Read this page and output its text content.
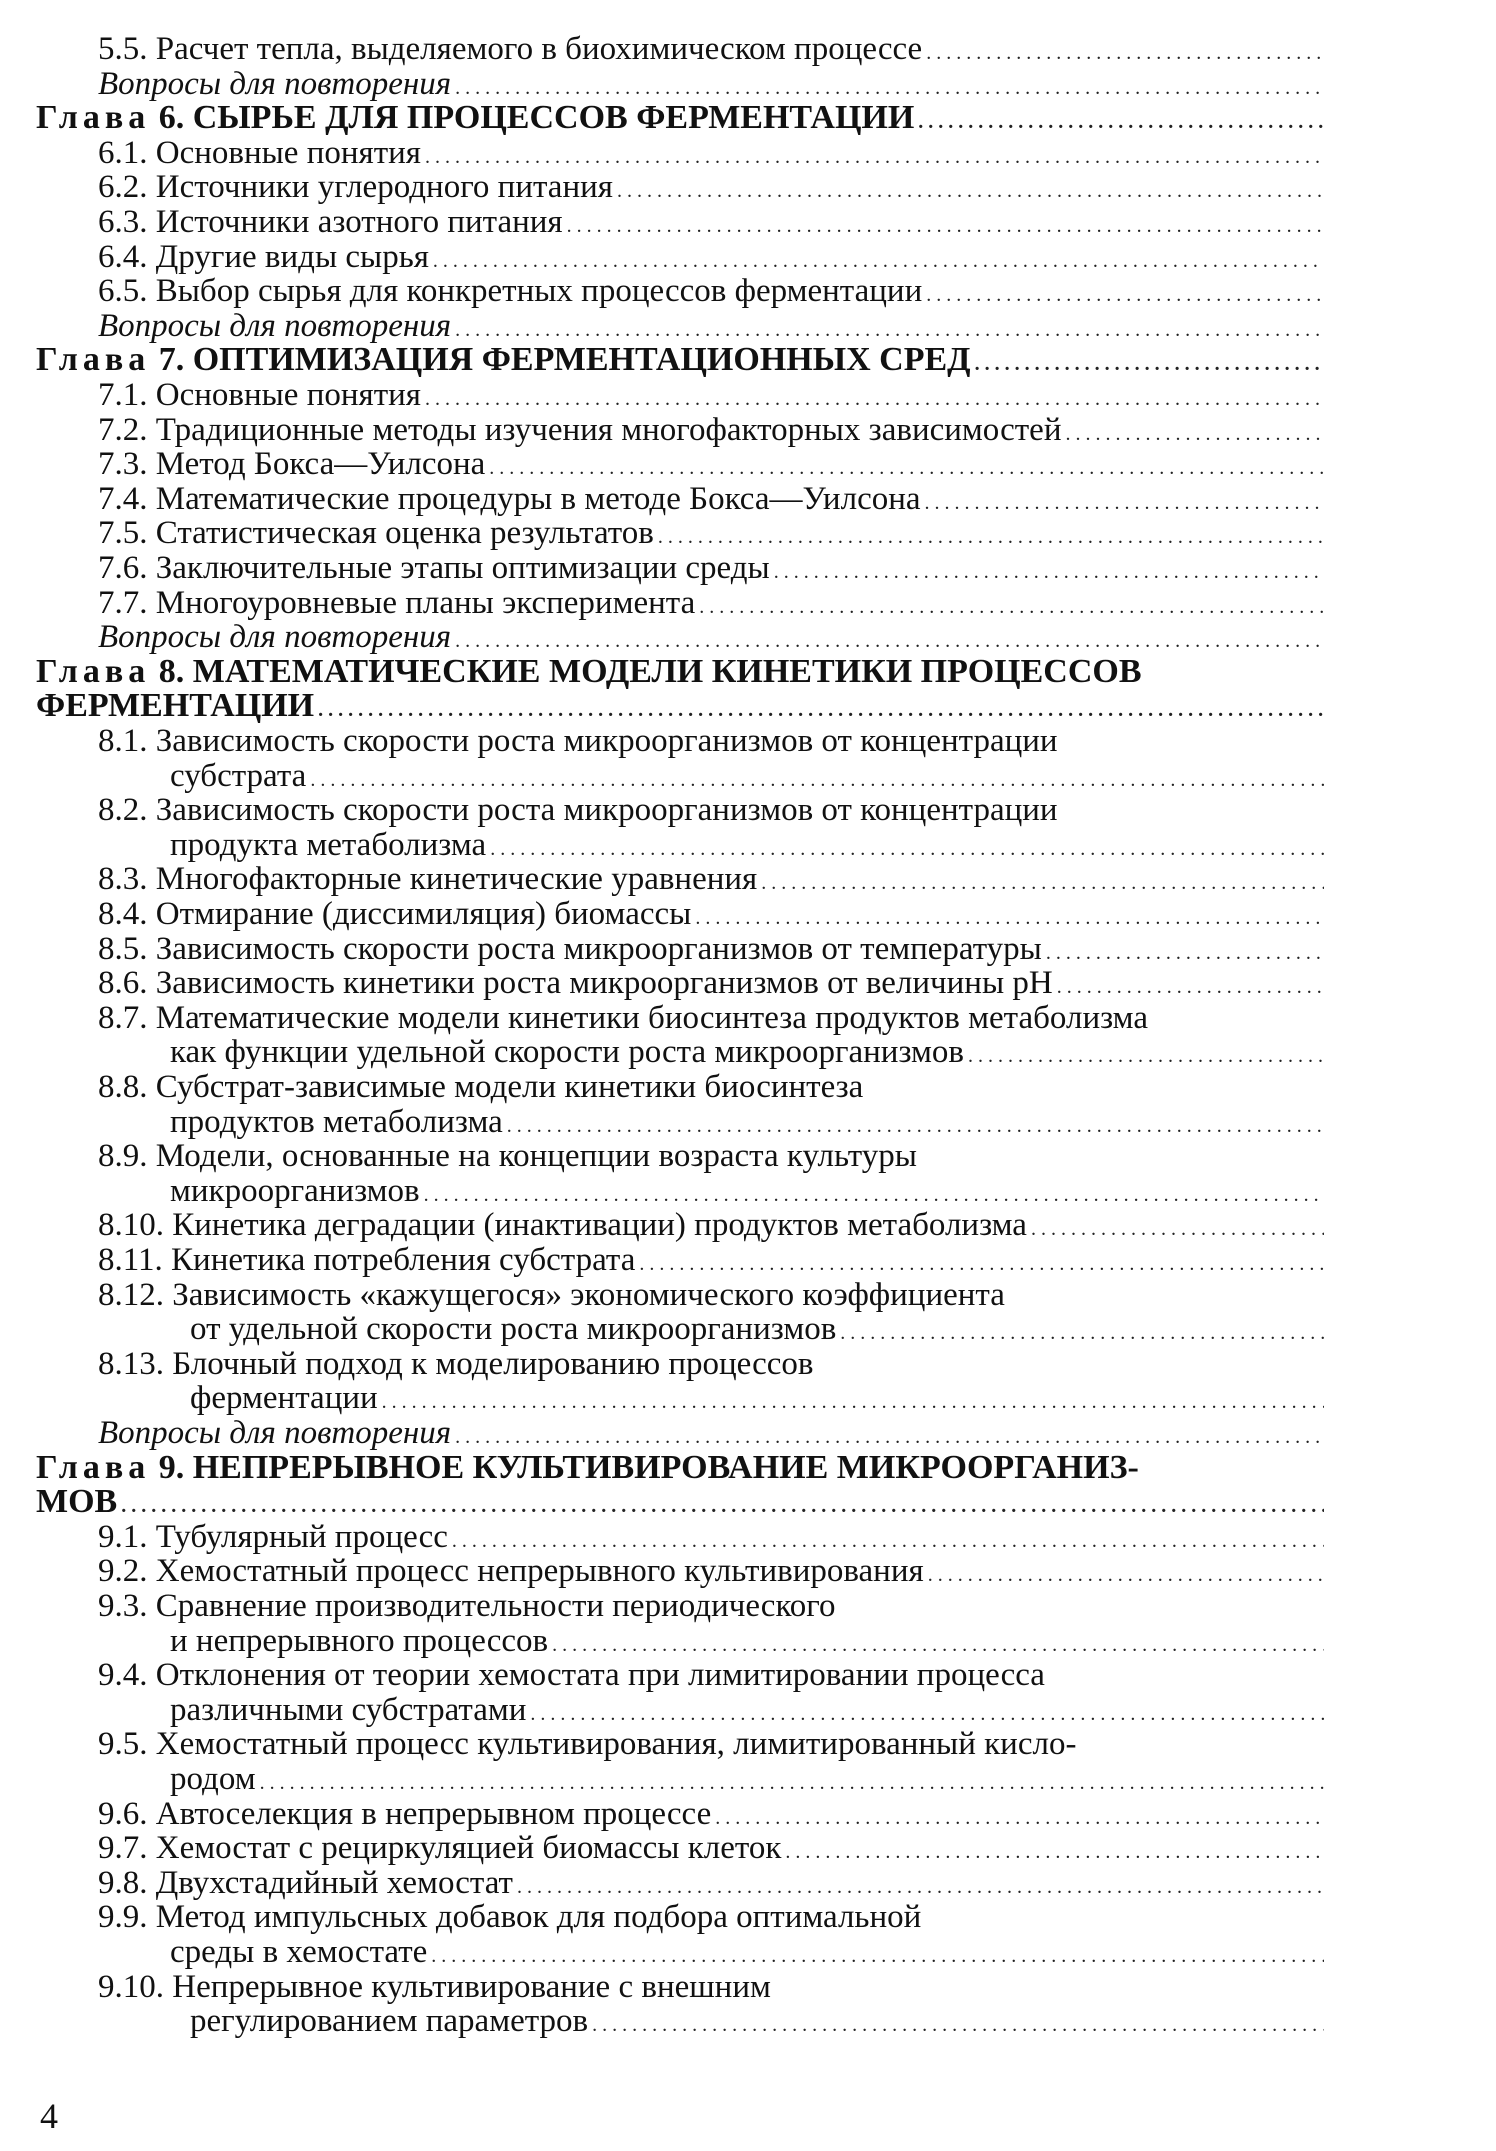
5.5. Расчет тепла, выделяемого в биохимическом процессе
. . .
Вопросы для повторения
. . .
Глава 6. СЫРЬЕ ДЛЯ ПРОЦЕССОВ ФЕРМЕНТАЦИИ
. . .
6.1. Основные понятия
. . .
6.2. Источники углеродного питания
. . .
6.3. Источники азотного питания
. . .
6.4. Другие виды сырья
. . .
6.5. Выбор сырья для конкретных процессов ферментации
. . .
Вопросы для повторения
. . .
Глава 7. ОПТИМИЗАЦИЯ ФЕРМЕНТАЦИОННЫХ СРЕД
. . .
7.1. Основные понятия
. . .
7.2. Традиционные методы изучения многофакторных зависимостей
. . .
7.3. Метод Бокса—Уилсона
. . .
7.4. Математические процедуры в методе Бокса—Уилсона
. . .
7.5. Статистическая оценка результатов
. . .
7.6. Заключительные этапы оптимизации среды
. . .
7.7. Многоуровневые планы эксперимента
. . .
Вопросы для повторения
. . .
Глава 8. МАТЕМАТИЧЕСКИЕ МОДЕЛИ КИНЕТИКИ ПРОЦЕССОВ
ФЕРМЕНТАЦИИ
. . .
8.1. Зависимость скорости роста микроорганизмов от концентрации
субстрата
. . .
8.2. Зависимость скорости роста микроорганизмов от концентрации
продукта метаболизма
. . .
8.3. Многофакторные кинетические уравнения
. . .
8.4. Отмирание (диссимиляция) биомассы
. . .
8.5. Зависимость скорости роста микроорганизмов от температуры
. . .
8.6. Зависимость кинетики роста микроорганизмов от величины pH
. . .
8.7. Математические модели кинетики биосинтеза продуктов метаболизма
как функции удельной скорости роста микроорганизмов
. . .
8.8. Субстрат-зависимые модели кинетики биосинтеза
продуктов метаболизма
. . .
8.9. Модели, основанные на концепции возраста культуры
микроорганизмов
. . .
8.10. Кинетика деградации (инактивации) продуктов метаболизма
. . .
8.11. Кинетика потребления субстрата
. . .
8.12. Зависимость «кажущегося» экономического коэффициента
от удельной скорости роста микроорганизмов
. . .
8.13. Блочный подход к моделированию процессов
ферментации
. . .
Вопросы для повторения
. . .
Глава 9. НЕПРЕРЫВНОЕ КУЛЬТИВИРОВАНИЕ МИКРООРГАНИЗ-
МОВ
. . .
9.1. Тубулярный процесс
. . .
9.2. Хемостатный процесс непрерывного культивирования
. . .
9.3. Сравнение производительности периодического
и непрерывного процессов
. . .
9.4. Отклонения от теории хемостата при лимитировании процесса
различными субстратами
. . .
9.5. Хемостатный процесс культивирования, лимитированный кисло-
родом
. . .
9.6. Автоселекция в непрерывном процессе
. . .
9.7. Хемостат с рециркуляцией биомассы клеток
. . .
9.8. Двухстадийный хемостат
. . .
9.9. Метод импульсных добавок для подбора оптимальной
среды в хемостате
. . .
9.10. Непрерывное культивирование с внешним
регулированием параметров
. . .
4
